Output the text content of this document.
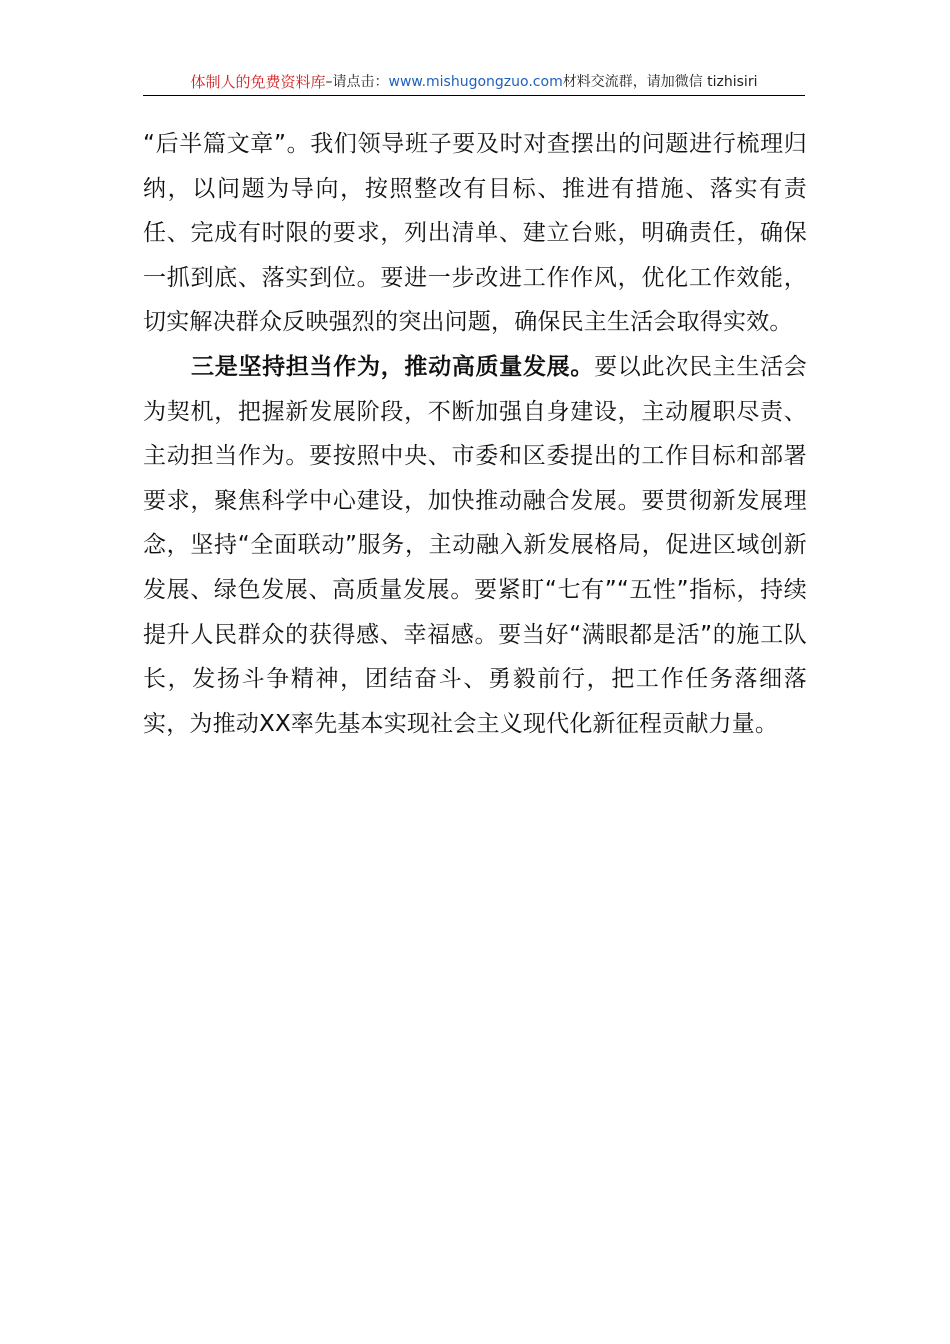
体制人的免费资料库 –请点击： www.mishugongzuo.com 材料交流群，请加微信 tizhisiri

“后半篇文章”。我们领导班子要及时对查摆出的问题进行梳理归纳，以问题为导向，按照整改有目标、推进有措施、落实有责任、完成有时限的要求，列出清单、建立台账，明确责任，确保一抓到底、落实到位。要进一步改进工作作风，优化工作效能，切实解决群众反映强烈的突出问题，确保民主生活会取得实效。

三是坚持担当作为，推动高质量发展。要以此次民主生活会为契机，把握新发展阶段，不断加强自身建设，主动履职尽责、主动担当作为。要按照中央、市委和区委提出的工作目标和部署要求，聚焦科学中心建设，加快推动融合发展。要贯彻新发展理念，坚持“全面联动”服务，主动融入新发展格局，促进区域创新发展、绿色发展、高质量发展。要紧盯“七有”“五性”指标，持续提升人民群众的获得感、幸福感。要当好“满眼都是活”的施工队长，发扬斗争精神，团结奋斗、勇毅前行，把工作任务落细落实，为推动XX率先基本实现社会主义现代化新征程贡献力量。
